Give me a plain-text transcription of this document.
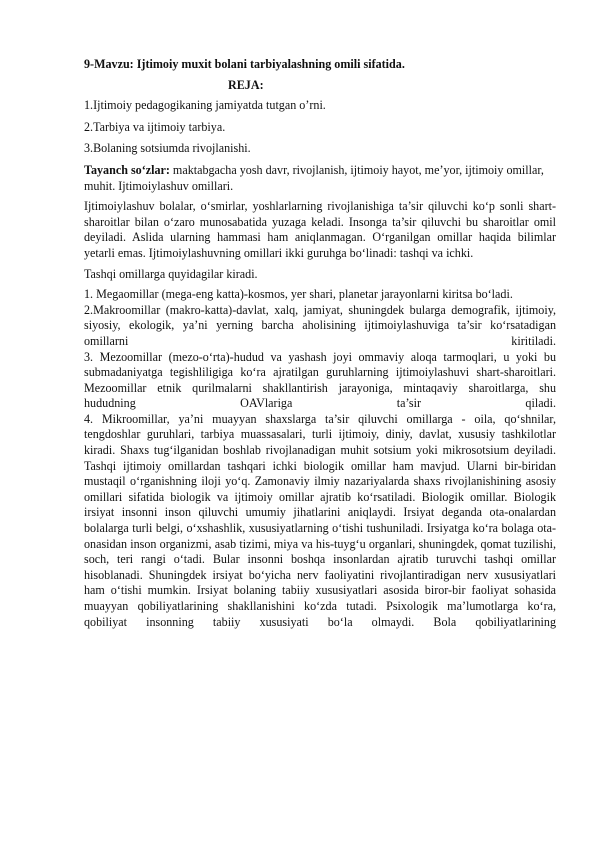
9-Mavzu: Ijtimoiy muxit bolani tarbiyalashning omili sifatida.
REJA:
1.Ijtimoiy pedagogikaning jamiyatda tutgan o’rni.
2.Tarbiya va ijtimoiy tarbiya.
3.Bolaning sotsiumda rivojlanishi.
Tayanch so‘zlar: maktabgacha yosh davr, rivojlanish, ijtimoiy hayot, me’yor, ijtimoiy omillar, muhit. Ijtimoiylashuv omillari.
Ijtimoiylashuv bolalar, o‘smirlar, yoshlarlarning rivojlanishiga ta’sir qiluvchi ko‘p sonli shart-sharoitlar bilan o‘zaro munosabatida yuzaga keladi. Insonga ta’sir qiluvchi bu sharoitlar omil deyiladi. Aslida ularning hammasi ham aniqlanmagan. O‘rganilgan omillar haqida bilimlar yetarli emas. Ijtimoiylashuvning omillari ikki guruhga bo‘linadi: tashqi va ichki.
Tashqi omillarga quyidagilar kiradi.
1. Megaomillar (mega-eng katta)-kosmos, yer shari, planetar jarayonlarni kiritsa bo‘ladi.
2.Makroomillar (makro-katta)-davlat, xalq, jamiyat, shuningdek bularga demografik, ijtimoiy, siyosiy, ekologik, ya’ni yerning barcha aholisining ijtimoiylashuviga ta’sir ko‘rsatadigan omillarni kiritiladi.
3. Mezoomillar (mezo-o‘rta)-hudud va yashash joyi ommaviy aloqa tarmoqlari, u yoki bu submadaniyatga tegishliligiga ko‘ra ajratilgan guruhlarning ijtimoiylashuvi shart-sharoitlari. Mezoomillar etnik qurilmalarni shakllantirish jarayoniga, mintaqaviy sharoitlarga, shu hududning OAVlariga ta’sir qiladi.
4. Mikroomillar, ya’ni muayyan shaxslarga ta’sir qiluvchi omillarga - oila, qo‘shnilar, tengdoshlar guruhlari, tarbiya muassasalari, turli ijtimoiy, diniy, davlat, xususiy tashkilotlar kiradi. Shaxs tug‘ilganidan boshlab rivojlanadigan muhit sotsium yoki mikrosotsium deyiladi. Tashqi ijtimoiy omillardan tashqari ichki biologik omillar ham mavjud. Ularni bir-biridan mustaqil o‘rganishning iloji yo‘q. Zamonaviy ilmiy nazariyalarda shaxs rivojlanishining asosiy omillari sifatida biologik va ijtimoiy omillar ajratib ko‘rsatiladi. Biologik omillar. Biologik irsiyat insonni inson qiluvchi umumiy jihatlarini aniqlaydi. Irsiyat deganda ota-onalardan bolalarga turli belgi, o‘xshashlik, xususiyatlarning o‘tishi tushuniladi. Irsiyatga ko‘ra bolaga ota-onasidan inson organizmi, asab tizimi, miya va his-tuyg‘u organlari, shuningdek, qomat tuzilishi, soch, teri rangi o‘tadi. Bular insonni boshqa insonlardan ajratib turuvchi tashqi omillar hisoblanadi. Shuningdek irsiyat bo‘yicha nerv faoliyatini rivojlantiradigan nerv xususiyatlari ham o‘tishi mumkin. Irsiyat bolaning tabiiy xususiyatlari asosida biror-bir faoliyat sohasida muayyan qobiliyatlarining shakllanishini ko‘zda tutadi. Psixologik ma’lumotlarga ko‘ra, qobiliyat insonning tabiiy xususiyati bo‘la olmaydi. Bola qobiliyatlarining
